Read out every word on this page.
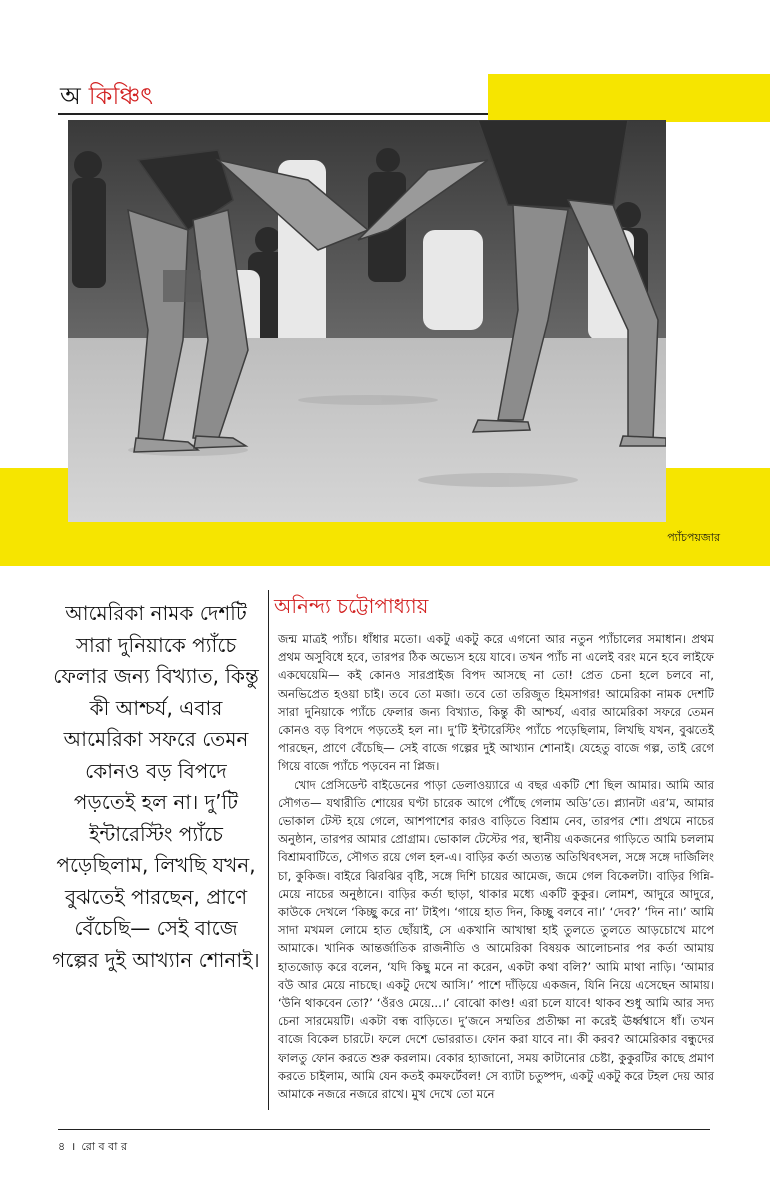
অ কিঞ্চিৎ
প্যাঁচপয়জার
আমেরিকা নামক দেশটি সারা দুনিয়াকে প্যাঁচে ফেলার জন্য বিখ্যাত, কিন্তু কী আশ্চর্য, এবার আমেরিকা সফরে তেমন কোনও বড় বিপদে পড়তেই হল না। দু’টি ইন্টারেস্টিং প্যাঁচে পড়েছিলাম, লিখছি যখন, বুঝতেই পারছেন, প্রাণে বেঁচেছি— সেই বাজে গল্পের দুই আখ্যান শোনাই।
অনিন্দ্য চট্টোপাধ্যায়

জন্ম মাত্রই প্যাঁচ। ধাঁধার মতো। একটু একটু করে এগনো আর নতুন প্যাঁচালের সমাধান। প্রথম প্রথম অসুবিধে হবে, তারপর ঠিক অভ্যেস হয়ে যাবে। তখন প্যাঁচ না এলেই বরং মনে হবে লাইফে একঘেয়েমি— কই কোনও সারপ্রাইজ বিপদ আসছে না তো! প্রেত চেনা হলে চলবে না, অনভিপ্রেত হওয়া চাই। তবে তো মজা। তবে তো তরিজুত হিমসাগর! আমেরিকা নামক দেশটি সারা দুনিয়াকে প্যাঁচে ফেলার জন্য বিখ্যাত, কিন্তু কী আশ্চর্য, এবার আমেরিকা সফরে তেমন কোনও বড় বিপদে পড়তেই হল না। দু’টি ইন্টারেস্টিং প্যাঁচে পড়েছিলাম, লিখছি যখন, বুঝতেই পারছেন, প্রাণে বেঁচেছি— সেই বাজে গল্পের দুই আখ্যান শোনাই। যেহেতু বাজে গল্প, তাই রেগে গিয়ে বাজে প্যাঁচে পড়বেন না প্লিজ।

খোদ প্রেসিডেন্ট বাইডেনের পাড়া ডেলাওয়্যারে এ বছর একটি শো ছিল আমার। আমি আর সৌগত— যথারীতি শোয়ের ঘণ্টা চারেক আগে পৌঁছে গেলাম অডি’তে। প্ল্যানটা এর’ম, আমার ভোকাল টেস্ট হয়ে গেলে, আশপাশের কারও বাড়িতে বিশ্রাম নেব, তারপর শো। প্রথমে নাচের অনুষ্ঠান, তারপর আমার প্রোগ্রাম। ভোকাল টেস্টের পর, স্থানীয় একজনের গাড়িতে আমি চললাম বিশ্রামবাটিতে, সৌগত রয়ে গেল হল-এ। বাড়ির কর্তা অত্যন্ত অতিথিবৎসল, সঙ্গে সঙ্গে দার্জিলিং চা, কুকিজ। বাইরে ঝিরঝির বৃষ্টি, সঙ্গে দিশি চায়ের আমেজ, জমে গেল বিকেলটা। বাড়ির গিন্নি-মেয়ে নাচের অনুষ্ঠানে। বাড়ির কর্তা ছাড়া, থাকার মধ্যে একটি কুকুর। লোমশ, আদুরে আদুরে, কাউকে দেখলে ‘কিচ্ছু করে না’ টাইপ। ‘গায়ে হাত দিন, কিচ্ছু বলবে না।’ ‘দেব?’ ‘দিন না।’ আমি সাদা মখমল লোমে হাত ছোঁয়াই, সে একখানি আখাম্বা হাই তুলতে তুলতে আড়চোখে মাপে আমাকে। খানিক আন্তর্জাতিক রাজনীতি ও আমেরিকা বিষয়ক আলোচনার পর কর্তা আমায় হাতজোড় করে বলেন, ‘যদি কিছু মনে না করেন, একটা কথা বলি?’ আমি মাথা নাড়ি। ‘আমার বউ আর মেয়ে নাচছে। একটু দেখে আসি।’ পাশে দাঁড়িয়ে একজন, যিনি নিয়ে এসেছেন আমায়। ‘উনি থাকবেন তো?’ ‘ওঁরও মেয়ে...।’ বোঝো কাণ্ড! এরা চলে যাবে! থাকব শুধু আমি আর সদ্য চেনা সারমেয়টি। একটা বন্ধ বাড়িতে। দু’জনে সম্মতির প্রতীক্ষা না করেই ঊর্ধ্বশ্বাসে ধাঁ। তখন বাজে বিকেল চারটে। ফলে দেশে ভোররাত। ফোন করা যাবে না। কী করব? আমেরিকার বন্ধুদের ফালতু ফোন করতে শুরু করলাম। বেকার হ্যাজানো, সময় কাটানোর চেষ্টা, কুকুরটির কাছে প্রমাণ করতে চাইলাম, আমি যেন কতই কমফর্টেবল! সে ব্যাটা চতুষ্পদ, একটু একটু করে টহল দেয় আর আমাকে নজরে নজরে রাখে। মুখ দেখে তো মনে

৪ । রো ব বা র
